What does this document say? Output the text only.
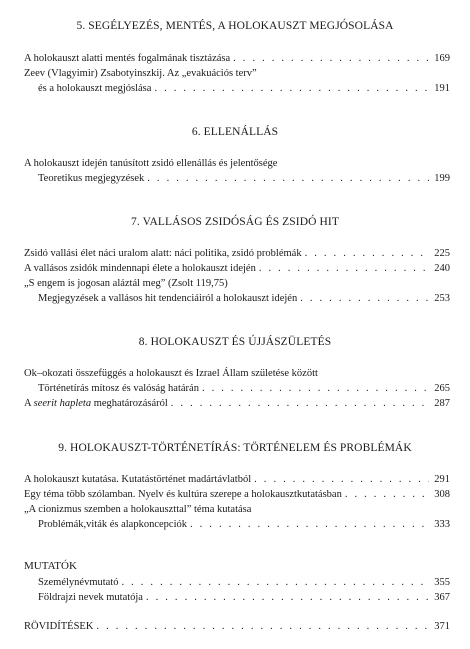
5. SEGÉLYEZÉS, MENTÉS, A HOLOKAUSZT MEGJÓSOLÁSA
A holokauszt alatti mentés fogalmának tisztázása . . .	169
Zeev (Vlagyimir) Zsabotyinszkij. Az „evakuációs terv”
és a holokauszt megjóslása . . .	191
6. ELLENÁLLÁS
A holokauszt idején tanúsított zsidó ellenállás és jelentősége
Teoretikus megjegyzések . . .	199
7. VALLÁSOS ZSIDÓSÁG ÉS ZSIDÓ HIT
Zsidó vallási élet náci uralom alatt: náci politika, zsidó problémák . . .	225
A vallásos zsidók mindennapi élete a holokauszt idején . . .	240
„S engem is jogosan aláztál meg” (Zsolt 119,75)
Megjegyzések a vallásos hit tendenciáiról a holokauszt idején . . .	253
8. HOLOKAUSZT ÉS ÚJJÁSZÜLETÉS
Ok–okozati összefüggés a holokauszt és Izrael Állam születése között
Történetírás mítosz és valóság határán . . .	265
A seerit hapleta meghatározásáról . . .	287
9. HOLOKAUSZT-TÖRTÉNETÍRÁS: TÖRTÉNELEM ÉS PROBLÉMÁK
A holokauszt kutatása. Kutatástörténet madártávlatból . . .	291
Egy téma több szólamban. Nyelv és kultúra szerepe a holokausztkutatásban . . .	308
„A cionizmus szemben a holokauszttal” téma kutatása
Problémák,viták és alapkoncepciók . . .	333
MUTATÓK
Személynévmutató . . .	355
Földrajzi nevek mutatója . . .	367
RÖVIDÍTÉSEK . . .	371
